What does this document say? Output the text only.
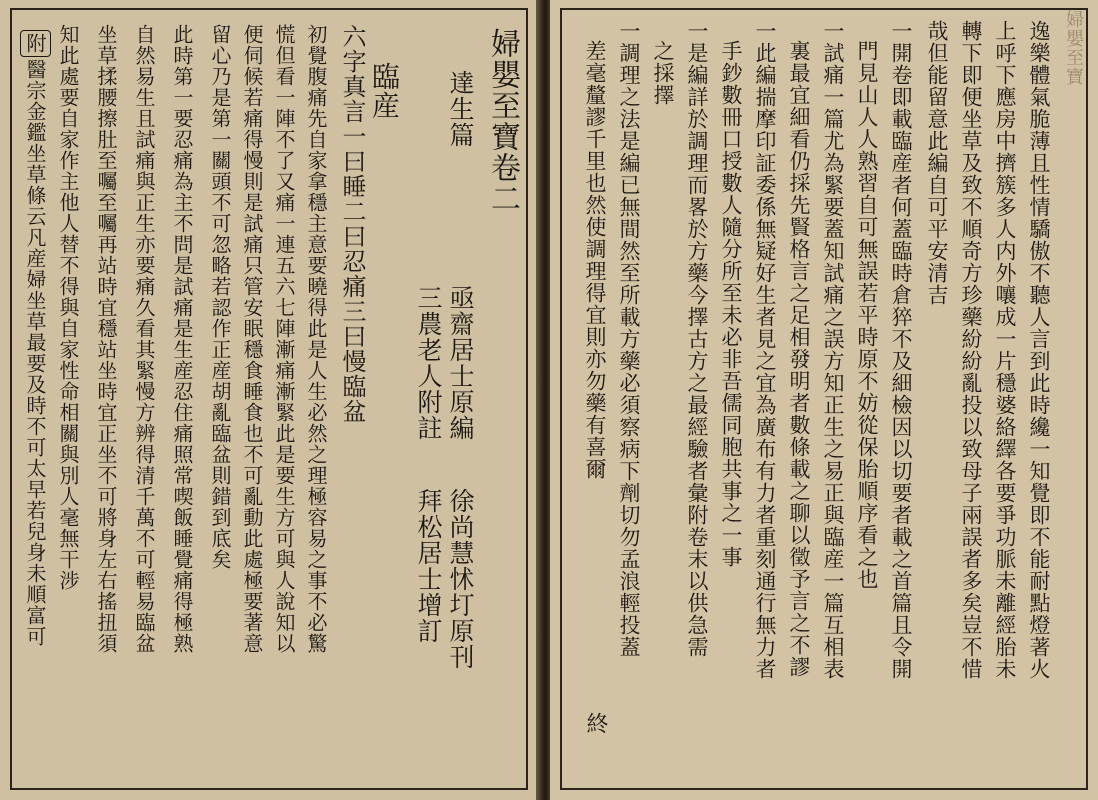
婦嬰至寶卷二
達生篇
亟齋居士原編
三農老人附註
徐尚慧怵圢原刊
拜松居士增訂
臨産
六字真言一曰睡二曰忍痛三曰慢臨盆
初覺腹痛先自家拿穩主意要曉得此是人生必然之理極容易之事不必驚
慌但看一陣不了又痛一連五六七陣漸痛漸緊此是要生方可與人說知以
便伺候若痛得慢則是試痛只管安眠穩食睡食也不可亂動此處極要著意
留心乃是第一關頭不可忽略若認作正産胡亂臨盆則錯到底矣
此時第一要忍痛為主不問是試痛是生産忍住痛照常喫飯睡覺痛得極熟
自然易生且試痛與正生亦要痛久看其緊慢方辨得清千萬不可輕易臨盆
坐草揉腰擦肚至囑至囑再站時宜穩站坐時宜正坐不可將身左右搖扭須
知此處要自家作主他人替不得與自家性命相關與別人毫無干涉
附醫宗金鑑坐草條云凡産婦坐草最要及時不可太早若兒身未順富可
婦嬰至寶
逸樂體氣脆薄且性情驕傲不聽人言到此時纔一知覺即不能耐點燈著火
上呼下應房中擠簇多人内外嚷成一片穩婆絡繹各要爭功脈未離經胎未
轉下即便坐草及致不順奇方珍藥紛紛亂投以致母子兩誤者多矣豈不惜
哉但能留意此編自可平安清吉
一開卷即載臨産者何蓋臨時倉猝不及細檢因以切要者載之首篇且令開
門見山人人熟習自可無誤若平時原不妨從保胎順序看之也
一試痛一篇尤為緊要蓋知試痛之誤方知正生之易正與臨産一篇互相表
裏最宜細看仍採先賢格言之足相發明者數條載之聊以徵予言之不謬
一此編揣摩印証委係無疑好生者見之宜為廣布有力者重刻通行無力者
手鈔數冊口授數人隨分所至未必非吾儒同胞共事之一事
一是編詳於調理而畧於方藥今擇古方之最經驗者彙附卷末以供急需
之採擇
一調理之法是編已無間然至所載方藥必須察病下劑切勿孟浪輕投蓋
差毫釐謬千里也然使調理得宜則亦勿藥有喜爾
終
